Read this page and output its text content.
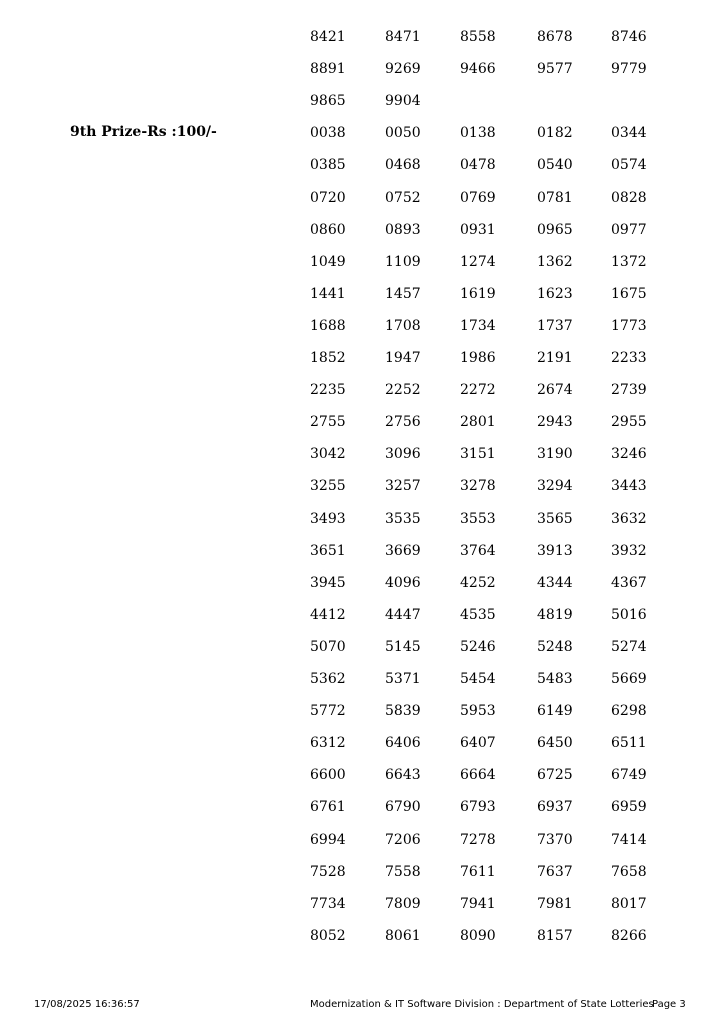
9th Prize-Rs :100/-
8421	8471	8558	8678	8746
8891	9269	9466	9577	9779
9865	9904
0038	0050	0138	0182	0344
0385	0468	0478	0540	0574
0720	0752	0769	0781	0828
0860	0893	0931	0965	0977
1049	1109	1274	1362	1372
1441	1457	1619	1623	1675
1688	1708	1734	1737	1773
1852	1947	1986	2191	2233
2235	2252	2272	2674	2739
2755	2756	2801	2943	2955
3042	3096	3151	3190	3246
3255	3257	3278	3294	3443
3493	3535	3553	3565	3632
3651	3669	3764	3913	3932
3945	4096	4252	4344	4367
4412	4447	4535	4819	5016
5070	5145	5246	5248	5274
5362	5371	5454	5483	5669
5772	5839	5953	6149	6298
6312	6406	6407	6450	6511
6600	6643	6664	6725	6749
6761	6790	6793	6937	6959
6994	7206	7278	7370	7414
7528	7558	7611	7637	7658
7734	7809	7941	7981	8017
8052	8061	8090	8157	8266
17/08/2025 16:36:57	Modernization & IT Software Division : Department of State Lotteries
Page 3
